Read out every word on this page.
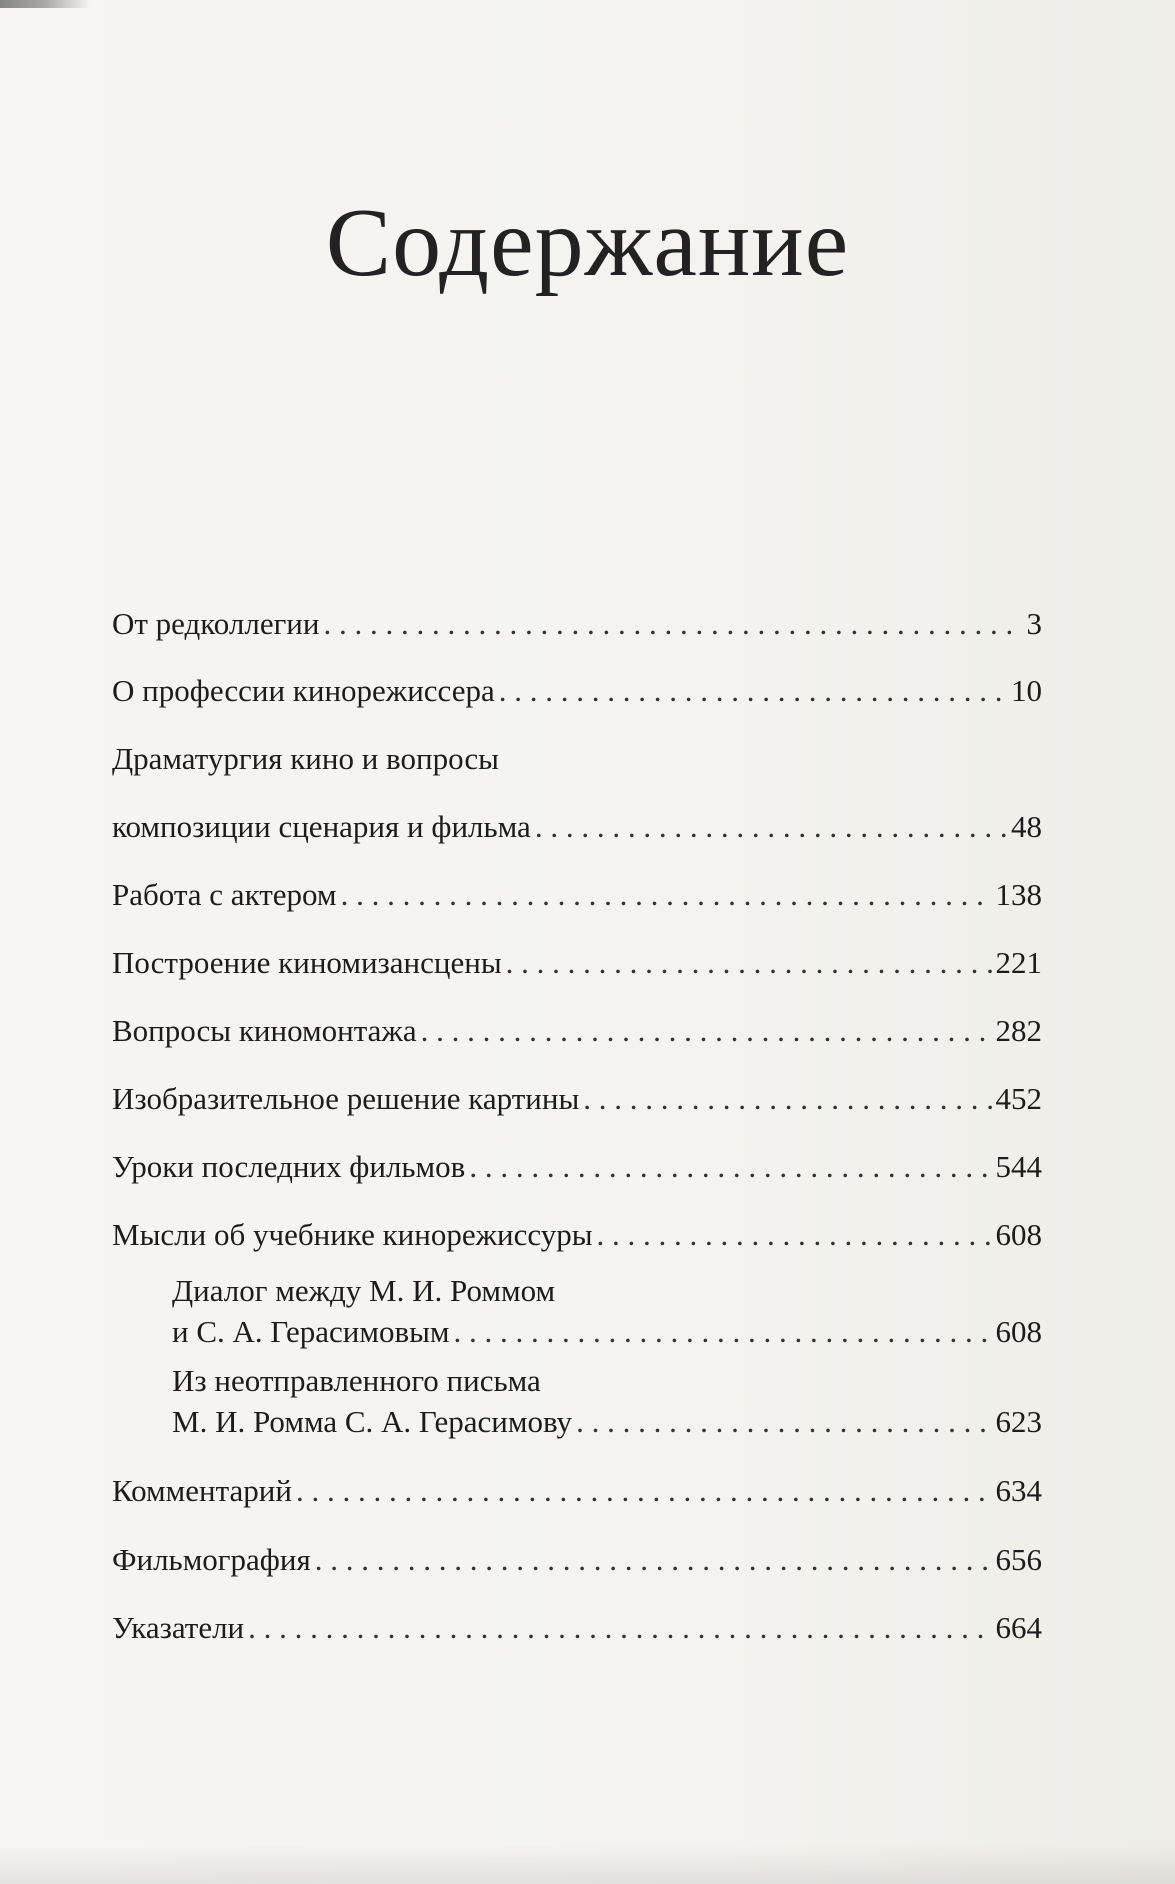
Содержание
От редколлегии . . .	3
О профессии кинорежиссера . . .	10
Драматургия кино и вопросы
композиции сценария и фильма . . .	48
Работа с актером . . .	138
Построение киномизансцены . . .	221
Вопросы киномонтажа . . .	282
Изобразительное решение картины . . .	452
Уроки последних фильмов . . .	544
Мысли об учебнике кинорежиссуры . . .	608
Диалог между М. И. Роммом
и С. А. Герасимовым . . .	608
Из неотправленного письма
М. И. Ромма С. А. Герасимову . . .	623
Комментарий . . .	634
Фильмография . . .	656
Указатели . . .	664
